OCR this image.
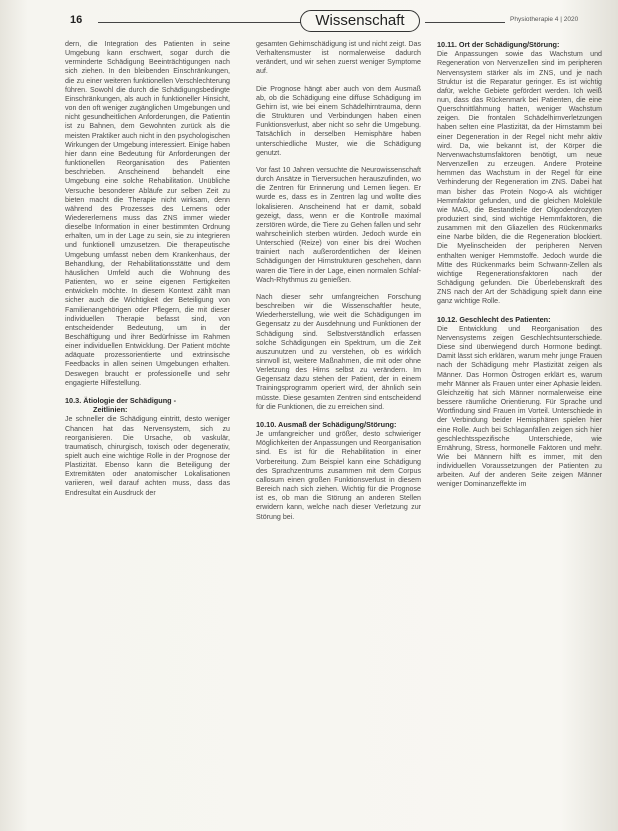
16	Wissenschaft	Physiotherapie 4 | 2020

dern, die Integration des Patienten in seine Umgebung kann erschwert, sogar durch die verminderte Schädigung Beeinträchtigungen nach sich ziehen. In den bleibenden Einschränkungen, die zu einer weiteren funktionellen Verschlechterung führen. Sowohl die durch die Schädigungsbedingte Einschränkungen, als auch in funktioneller Hinsicht, von den oft weniger zugänglichen Umgebungen und nicht gesundheitlichen Anforderungen, die Patientin ist zu Bahnen, dem Gewohnten zurück als die meisten Praktiker auch nicht in den psychologischen Wirkungen der Umgebung interessiert. Einige haben hier dann eine Bedeutung für Anforderungen der funktionellen Reorganisation des Patienten beschrieben. Anscheinend behandelt eine Umgebung eine solche Rehabilitation. Unübliche Versuche besonderer Abläufe zur selben Zeit zu bieten macht die Therapie nicht wirksam, denn während des Prozesses des Lernens oder Wiedererlernens muss das ZNS immer wieder dieselbe Information in einer bestimmten Ordnung erhalten, um in der Lage zu sein, sie zu integrieren und funktionell umzusetzen. Die therapeutische Umgebung umfasst neben dem Krankenhaus, der Behandlung, der Rehabilitationsstätte und dem häuslichen Umfeld auch die Wohnung des Patienten, wo er seine eigenen Fertigkeiten entwickeln möchte. In diesem Kontext zählt man sicher auch die Wichtigkeit der Beteiligung von Familienangehörigen oder Pflegern, die mit dieser individuellen Therapie befasst sind, von entscheidender Bedeutung, um in der Beschäftigung und ihrer Bedürfnisse im Rahmen einer individuellen Entwicklung. Der Patient möchte adäquate prozessorientierte und extrinsische Feedbacks in allen seinen Umgebungen erhalten. Deswegen braucht er professionelle und sehr engagierte Hilfestellung.

10.3. Ätiologie der Schädigung -
Zeitlinien:

Je schneller die Schädigung eintritt, desto weniger Chancen hat das Nervensystem, sich zu reorganisieren. Die Ursache, ob vaskulär, traumatisch, chirurgisch, toxisch oder degenerativ, spielt auch eine wichtige Rolle in der Prognose der Plastizität. Ebenso kann die Beteiligung der Extremitäten oder anatomischer Lokalisationen variieren, weil darauf achten muss, dass das Endresultat ein Ausdruck der

gesamten Gehirnschädigung ist und nicht zeigt. Das Verhaltensmuster ist normalerweise dadurch verändert, und wir sehen zuerst weniger Symptome auf.

Die Prognose hängt aber auch von dem Ausmaß ab, ob die Schädigung eine diffuse Schädigung im Gehirn ist, wie bei einem Schädelhirntrauma, denn die Strukturen und Verbindungen haben einen Funktionsverlust, aber nicht so sehr die Umgebung. Tatsächlich in derselben Hemisphäre haben unterschiedliche Muster, wie die Schädigung genutzt.

Vor fast 10 Jahren versuchte die Neurowissenschaft durch Ansätze in Tierversuchen herauszufinden, wo die Zentren für Erinnerung und Lernen liegen. Er wurde es, dass es in Zentren lag und wollte dies lokalisieren. Anscheinend hat er damit, sobald gezeigt, dass, wenn er die Kontrolle maximal zerstören würde, die Tiere zu Gehen fallen und sehr wahrscheinlich sterben würden. Jedoch wurde ein Unterschied (Reize) von einer bis drei Wochen trainiert nach außerordentlichen der kleinen Schädigungen der Hirnstrukturen geschehen, dann waren die Tiere in der Lage, einen normalen Schlaf-Wach-Rhythmus zu genießen.

Nach dieser sehr umfangreichen Forschung beschreiben wir die Wissenschaftler heute, Wiederherstellung, wie weit die Schädigungen im Gegensatz zu der Ausdehnung und Funktionen der Schädigung sind. Selbstverständlich erfassen solche Schädigungen ein Spektrum, um die Zeit auszunutzen und zu verstehen, ob es wirklich sinnvoll ist, weitere Maßnahmen, die mit oder ohne Verletzung des Hirns selbst zu verändern. Im Gegensatz dazu stehen der Patient, der in einem Trainingsprogramm operiert wird, der ähnlich sein müsste. Diese gesamten Zentren sind entscheidend für die Funktionen, die zu erreichen sind.

10.10. Ausmaß der Schädigung/Störung:

Je umfangreicher und größer, desto schwieriger Möglichkeiten der Anpassungen und Reorganisation sind. Es ist für die Rehabilitation in einer Vorbereitung. Zum Beispiel kann eine Schädigung des Sprachzentrums zusammen mit dem Corpus callosum einen großen Funktionsverlust in diesem Bereich nach sich ziehen. Wichtig für die Prognose ist es, ob man die Störung an anderen Stellen erwidern kann, welche nach dieser Verletzung zur Störung bei.

10.11. Ort der Schädigung/Störung:

Die Anpassungen sowie das Wachstum und Regeneration von Nervenzellen sind im peripheren Nervensystem stärker als im ZNS, und je nach Struktur ist die Reparatur geringer. Es ist wichtig dafür, welche Gebiete gefördert werden. Ich weiß nun, dass das Rückenmark bei Patienten, die eine Querschnittlähmung hatten, weniger Wachstum zeigen. Die frontalen Schädelhirnverletzungen haben selten eine Plastizität, da der Hirnstamm bei einer Degeneration in der Regel nicht mehr aktiv wird. Da, wie bekannt ist, der Körper die Nervenwachstumsfaktoren benötigt, um neue Nervenzellen zu erzeugen. Andere Proteine hemmen das Wachstum in der Regel für eine Verhinderung der Regeneration im ZNS. Dabei hat man bisher das Protein Nogo-A als wichtiger Hemmfaktor gefunden, und die gleichen Moleküle wie MAG, die Bestandteile der Oligodendrozyten produziert sind, sind wichtige Hemmfaktoren, die zusammen mit den Gliazellen des Rückenmarks eine Narbe bilden, die die Regeneration blockiert. Die Myelinscheiden der peripheren Nerven enthalten weniger Hemmstoffe. Jedoch wurde die Mitte des Rückenmarks beim Schwann-Zellen als wichtige Regenerationsfaktoren nach der Schädigung gefunden. Die Überlebenskraft des ZNS nach der Art der Schädigung spielt dann eine ganz wichtige Rolle.

10.12. Geschlecht des Patienten:

Die Entwicklung und Reorganisation des Nervensystems zeigen Geschlechtsunterschiede. Diese sind überwiegend durch Hormone bedingt. Damit lässt sich erklären, warum mehr junge Frauen nach der Schädigung mehr Plastizität zeigen als Männer. Das Hormon Östrogen erklärt es, warum mehr Männer als Frauen unter einer Aphasie leiden. Gleichzeitig hat sich Männer normalerweise eine bessere räumliche Orientierung. Für Sprache und Wortfindung sind Frauen im Vorteil. Unterschiede in der Verbindung beider Hemisphären spielen hier eine Rolle. Auch bei Schlaganfällen zeigen sich hier geschlechtsspezifische Unterschiede, wie Ernährung, Stress, hormonelle Faktoren und mehr. Wie bei Männern hilft es immer, mit den individuellen Voraussetzungen der Patienten zu arbeiten. Auf der anderen Seite zeigen Männer weniger Dominanzeffekte im
